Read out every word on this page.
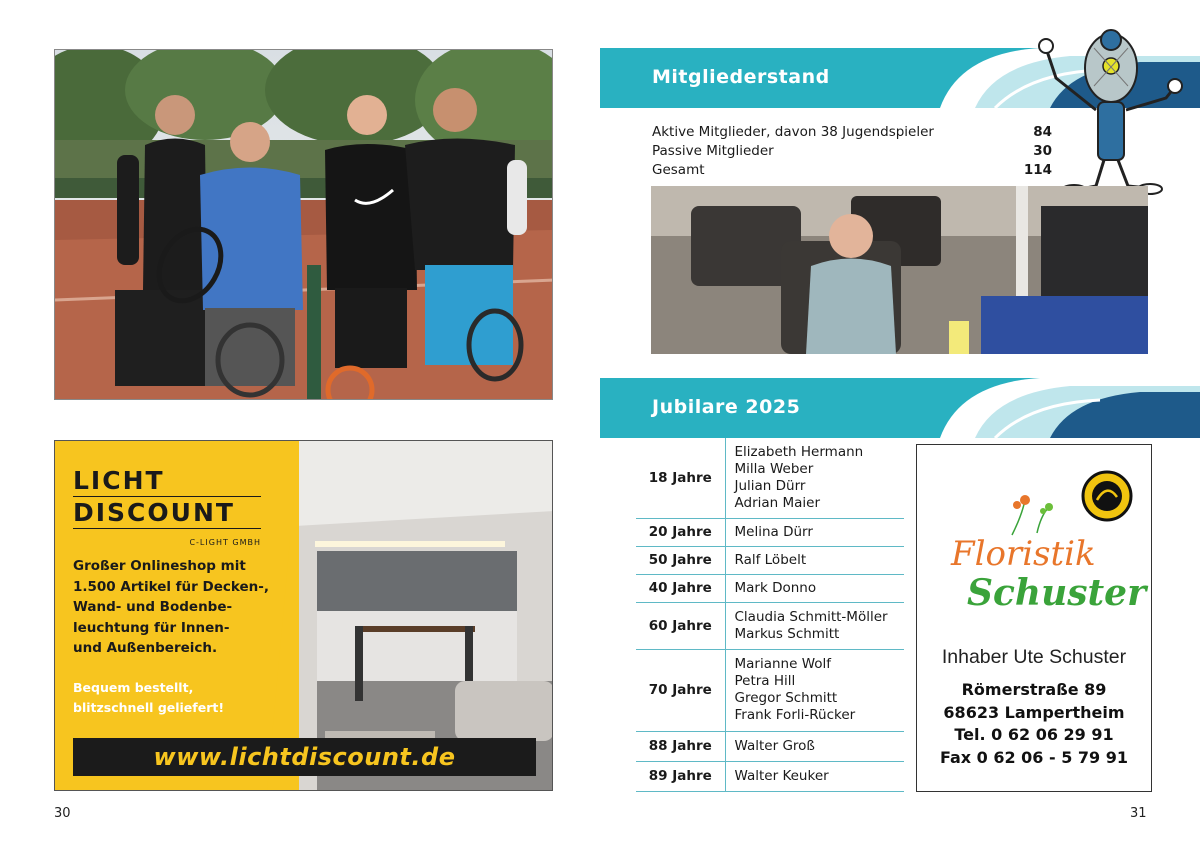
LICHT
DISCOUNT
C-LIGHT GMBH
Großer Onlineshop mit
1.500 Artikel für Decken-,
Wand- und Bodenbe-
leuchtung für Innen-
und Außenbereich.
Bequem bestellt,
blitzschnell geliefert!
www.lichtdiscount.de
30
Mitgliederstand
Aktive Mitglieder, davon 38 Jugendspieler	84
Passive Mitglieder	30
Gesamt	114
Jubilare 2025
18 Jahre	Elizabeth Hermann
Milla Weber
Julian Dürr
Adrian Maier

20 Jahre	Melina Dürr

50 Jahre	Ralf Löbelt

40 Jahre	Mark Donno

60 Jahre	Claudia Schmitt-Möller
Markus Schmitt

70 Jahre	Marianne Wolf
Petra Hill
Gregor Schmitt
Frank Forli-Rücker

88 Jahre	Walter Groß

89 Jahre	Walter Keuker
Floristik
Schuster
Inhaber Ute Schuster
Römerstraße 89
68623 Lampertheim
Tel. 0 62 06 29 91
Fax 0 62 06 - 5 79 91
31
